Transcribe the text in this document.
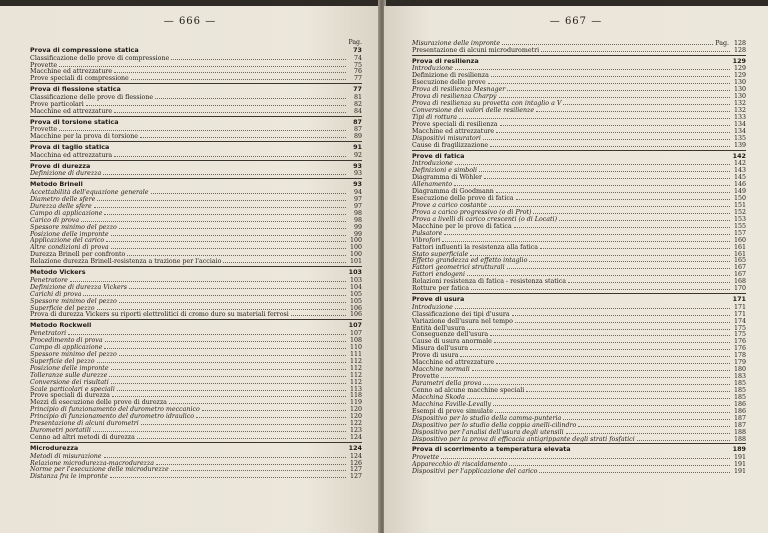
— 666 —
Pag.
Prova di compressione statica	73
Classificazione delle prove di compressione	74
Provette	75
Macchine ed attrezzature	76
Prove speciali di compressione	77
Prova di flessione statica	77
Classificazione delle prove di flessione	81
Prove particolari	82
Macchine ed attrezzature	84
Prova di torsione statica	87
Provette	87
Macchine per la prova di torsione	89
Prova di taglio statica	91
Macchina ed attrezzatura	92
Prove di durezza	93
Definizione di durezza	93
Metodo Brinell	93
Accettabilità dell'equazione generale	94
Diametro delle sfere	97
Durezza delle sfere	97
Campo di applicazione	98
Carico di prova	98
Spessore minimo del pezzo	99
Posizione delle impronte	99
Applicazione del carico	100
Altre condizioni di prova	100
Durezza Brinell per confronto	100
Relazione durezza Brinell-resistenza a trazione per l'acciaio	101
Metodo Vickers	103
Penetratore	103
Definizione di durezza Vickers	104
Carichi di prova	105
Spessore minimo del pezzo	105
Superficie del pezzo	106
Prova di durezza Vickers su riporti elettrolitici di cromo duro su materiali ferrosi	106
Metodo Rockwell	107
Penetratori	107
Procedimento di prova	108
Campo di applicazione	110
Spessore minimo del pezzo	111
Superficie del pezzo	112
Posizione delle impronte	112
Tolleranze sulle durezze	112
Conversione dei risultati	112
Scale particolari e speciali	113
Prove speciali di durezza	118
Mezzi di esecuzione delle prove di durezza	119
Principio di funzionamento del durometro meccanico	120
Principio di funzionamento del durometro idraulico	120
Presentazione di alcuni durometri	122
Durometri portatili	123
Cenno ad altri metodi di durezza	124
Microdurezza	124
Metodi di misurazione	124
Relazione microdurezza-macrodurezza	126
Norme per l'esecuzione delle microdurezze	127
Distanza fra le impronte	127
— 667 —
Misurazione delle impronte	Pag. 128
Presentazione di alcuni microdurometri	128
Prova di resilienza	129
Introduzione	129
Definizione di resilienza	129
Esecuzione delle prove	130
Prova di resilienza Mesnager	130
Prova di resilienza Charpy	130
Prova di resilienza su provetta con intaglio a V	132
Conversione dei valori delle resilienze	132
Tipi di rottura	133
Prove speciali di resilienza	134
Macchine ed attrezzature	134
Dispositivi misuratori	135
Cause di fragilizzazione	139
Prove di fatica	142
Introduzione	142
Definizioni e simboli	143
Diagramma di Wöhler	145
Allenamento	146
Diagramma di Goodmann	149
Esecuzione delle prove di fatica	150
Prove a carico costante	151
Prova a carico progressivo (o di Prot)	152
Prova a livelli di carico crescenti (o di Locati)	153
Macchine per le prove di fatica	155
Pulsatore	157
Vibrofori	160
Fattori influenti la resistenza alla fatica	161
Stato superficiale	161
Effetto grandezza ed effetto intaglio	165
Fattori geometrici strutturali	167
Fattori endogeni	167
Relazioni resistenza di fatica - resistenza statica	168
Rotture per fatica	170
Prove di usura	171
Introduzione	171
Classificazione dei tipi d'usura	171
Variazione dell'usura nel tempo	174
Entità dell'usura	175
Conseguenze dell'usura	175
Cause di usura anormale	176
Misura dell'usura	176
Prove di usura	178
Macchine ed attrezzature	179
Macchine normali	180
Provette	183
Parametri della prova	185
Cenno ad alcune macchine speciali	185
Macchina Skoda	185
Macchina Faville-Levally	186
Esempi di prove simulate	186
Dispositivo per lo studio della camma-punteria	187
Dispositivo per lo studio della coppia anelli-cilindro	187
Dispositivo per l'analisi dell'usura degli utensili	188
Dispositivo per la prova di efficacia antigrippante degli strati fosfatici	188
Prova di scorrimento a temperatura elevata	189
Provette	191
Apparecchio di riscaldamento	191
Dispositivi per l'applicazione del carico	191
